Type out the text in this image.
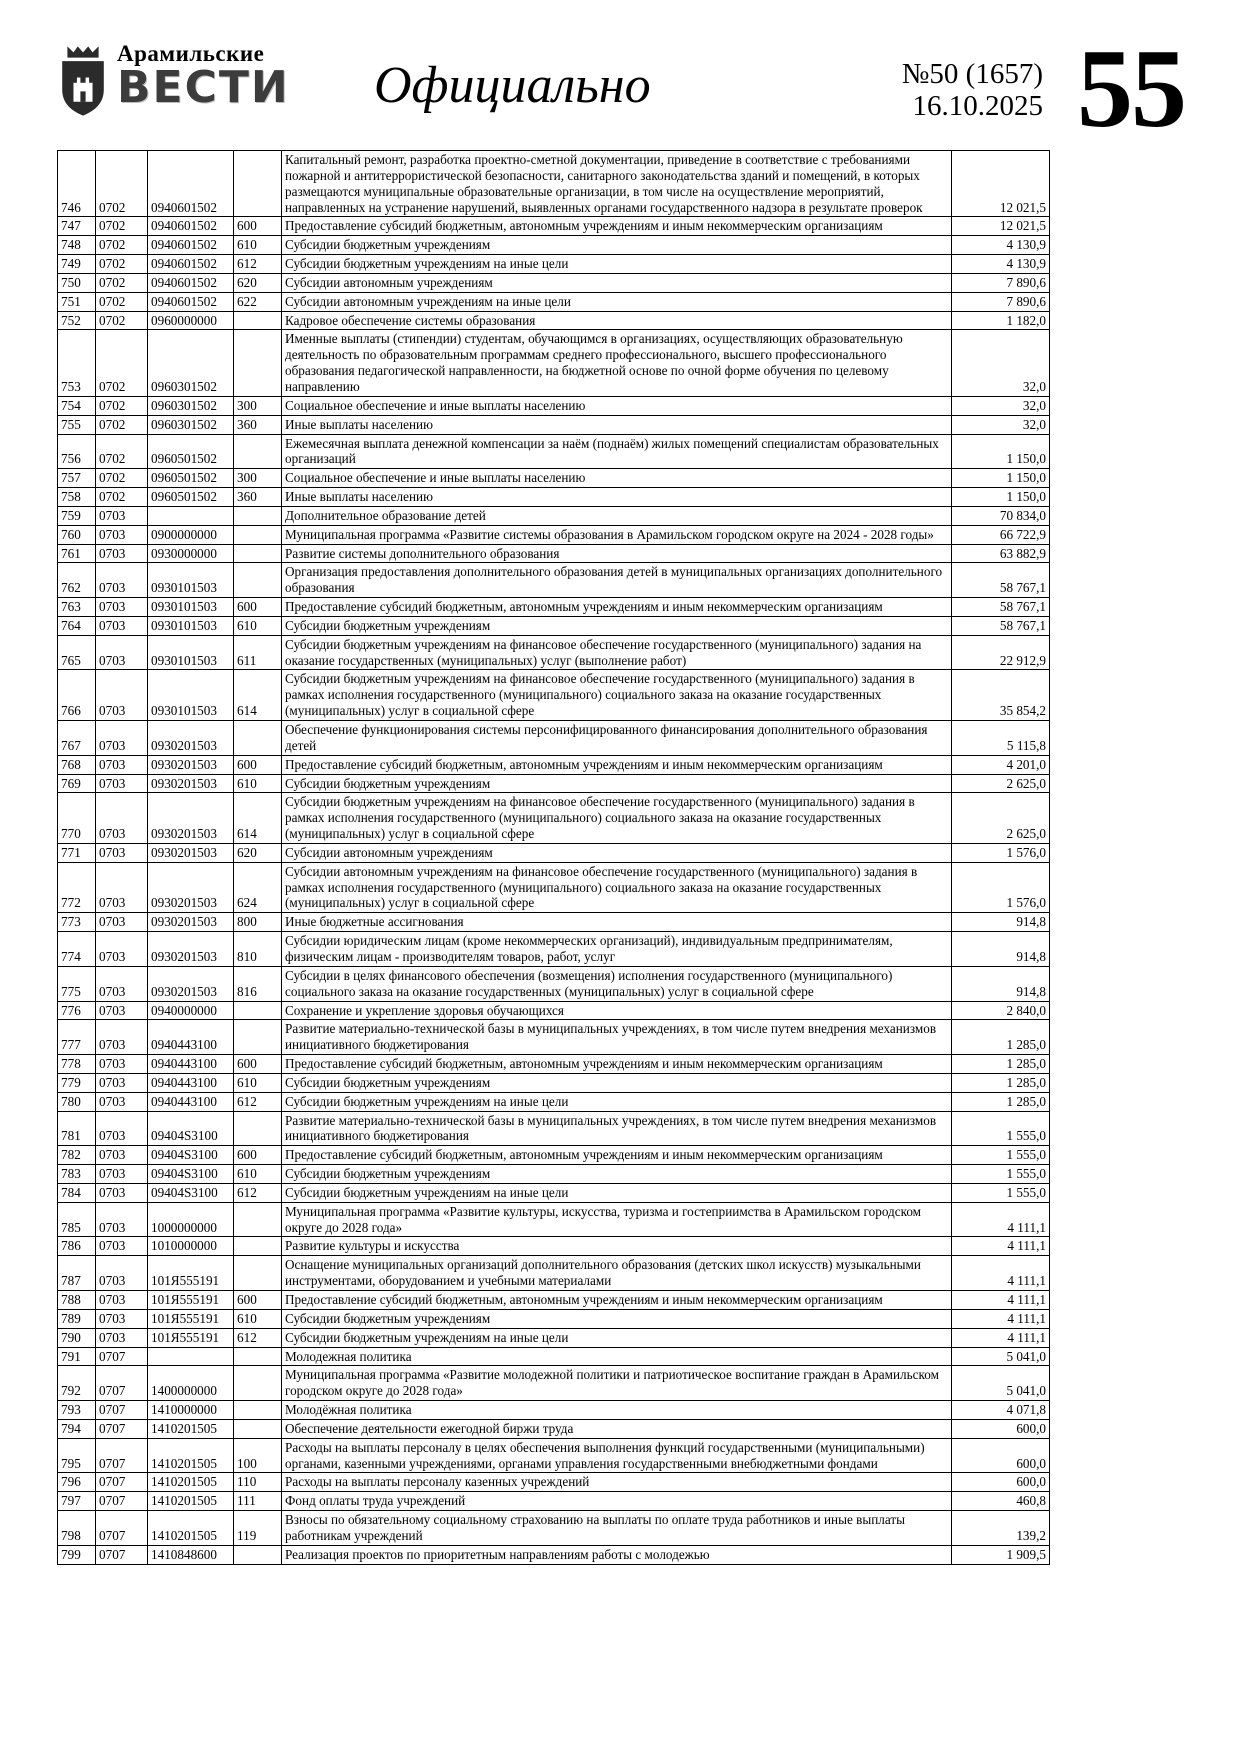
Арамильские
ВЕСТИ Официально	№50 (1657)
16.10.2025 55
746	0702	0940601502		Капитальный ремонт, разработка проектно-сметной документации, приведение в соответствие с требованиями пожарной и антитеррористической безопасности, санитарного законодательства зданий и помещений, в которых размещаются муниципальные образовательные организации, в том числе на осуществление мероприятий, направленных на устранение нарушений, выявленных органами государственного надзора в результате проверок	12 021,5
747	0702	0940601502	600	Предоставление субсидий бюджетным, автономным учреждениям и иным некоммерческим организациям	12 021,5
748	0702	0940601502	610	Субсидии бюджетным учреждениям	4 130,9
749	0702	0940601502	612	Субсидии бюджетным учреждениям на иные цели	4 130,9
750	0702	0940601502	620	Субсидии автономным учреждениям	7 890,6
751	0702	0940601502	622	Субсидии автономным учреждениям на иные цели	7 890,6
752	0702	0960000000		Кадровое обеспечение системы образования	1 182,0
753	0702	0960301502		Именные выплаты (стипендии) студентам, обучающимся в организациях, осуществляющих образовательную деятельность по образовательным программам среднего профессионального, высшего профессионального образования педагогической направленности, на бюджетной основе по очной форме обучения по целевому направлению	32,0
754	0702	0960301502	300	Социальное обеспечение и иные выплаты населению	32,0
755	0702	0960301502	360	Иные выплаты населению	32,0
756	0702	0960501502		Ежемесячная выплата денежной компенсации за наём (поднаём) жилых помещений специалистам образовательных организаций	1 150,0
757	0702	0960501502	300	Социальное обеспечение и иные выплаты населению	1 150,0
758	0702	0960501502	360	Иные выплаты населению	1 150,0
759	0703			Дополнительное образование детей	70 834,0
760	0703	0900000000		Муниципальная программа «Развитие системы образования в Арамильском городском округе на 2024 - 2028 годы»	66 722,9
761	0703	0930000000		Развитие системы дополнительного образования	63 882,9
762	0703	0930101503		Организация предоставления дополнительного образования детей в муниципальных организациях дополнительного образования	58 767,1
763	0703	0930101503	600	Предоставление субсидий бюджетным, автономным учреждениям и иным некоммерческим организациям	58 767,1
764	0703	0930101503	610	Субсидии бюджетным учреждениям	58 767,1
765	0703	0930101503	611	Субсидии бюджетным учреждениям на финансовое обеспечение государственного (муниципального) задания на оказание государственных (муниципальных) услуг (выполнение работ)	22 912,9
766	0703	0930101503	614	Субсидии бюджетным учреждениям на финансовое обеспечение государственного (муниципального) задания в рамках исполнения государственного (муниципального) социального заказа на оказание государственных (муниципальных) услуг в социальной сфере	35 854,2
767	0703	0930201503		Обеспечение функционирования системы персонифицированного финансирования дополнительного образования детей	5 115,8
768	0703	0930201503	600	Предоставление субсидий бюджетным, автономным учреждениям и иным некоммерческим организациям	4 201,0
769	0703	0930201503	610	Субсидии бюджетным учреждениям	2 625,0
770	0703	0930201503	614	Субсидии бюджетным учреждениям на финансовое обеспечение государственного (муниципального) задания в рамках исполнения государственного (муниципального) социального заказа на оказание государственных (муниципальных) услуг в социальной сфере	2 625,0
771	0703	0930201503	620	Субсидии автономным учреждениям	1 576,0
772	0703	0930201503	624	Субсидии автономным учреждениям на финансовое обеспечение государственного (муниципального) задания в рамках исполнения государственного (муниципального) социального заказа на оказание государственных (муниципальных) услуг в социальной сфере	1 576,0
773	0703	0930201503	800	Иные бюджетные ассигнования	914,8
774	0703	0930201503	810	Субсидии юридическим лицам (кроме некоммерческих организаций), индивидуальным предпринимателям, физическим лицам - производителям товаров, работ, услуг	914,8
775	0703	0930201503	816	Субсидии в целях финансового обеспечения (возмещения) исполнения государственного (муниципального) социального заказа на оказание государственных (муниципальных) услуг в социальной сфере	914,8
776	0703	0940000000		Сохранение и укрепление здоровья обучающихся	2 840,0
777	0703	0940443100		Развитие материально-технической базы в муниципальных учреждениях, в том числе путем внедрения механизмов инициативного бюджетирования	1 285,0
778	0703	0940443100	600	Предоставление субсидий бюджетным, автономным учреждениям и иным некоммерческим организациям	1 285,0
779	0703	0940443100	610	Субсидии бюджетным учреждениям	1 285,0
780	0703	0940443100	612	Субсидии бюджетным учреждениям на иные цели	1 285,0
781	0703	09404S3100		Развитие материально-технической базы в муниципальных учреждениях, в том числе путем внедрения механизмов инициативного бюджетирования	1 555,0
782	0703	09404S3100	600	Предоставление субсидий бюджетным, автономным учреждениям и иным некоммерческим организациям	1 555,0
783	0703	09404S3100	610	Субсидии бюджетным учреждениям	1 555,0
784	0703	09404S3100	612	Субсидии бюджетным учреждениям на иные цели	1 555,0
785	0703	1000000000		Муниципальная программа «Развитие культуры, искусства, туризма и гостеприимства в Арамильском городском округе до 2028 года»	4 111,1
786	0703	1010000000		Развитие культуры и искусства	4 111,1
787	0703	101Я555191		Оснащение муниципальных организаций дополнительного образования (детских школ искусств) музыкальными инструментами, оборудованием и учебными материалами	4 111,1
788	0703	101Я555191	600	Предоставление субсидий бюджетным, автономным учреждениям и иным некоммерческим организациям	4 111,1
789	0703	101Я555191	610	Субсидии бюджетным учреждениям	4 111,1
790	0703	101Я555191	612	Субсидии бюджетным учреждениям на иные цели	4 111,1
791	0707			Молодежная политика	5 041,0
792	0707	1400000000		Муниципальная программа «Развитие молодежной политики и патриотическое воспитание граждан в Арамильском городском округе до 2028 года»	5 041,0
793	0707	1410000000		Молодёжная политика	4 071,8
794	0707	1410201505		Обеспечение деятельности ежегодной биржи труда	600,0
795	0707	1410201505	100	Расходы на выплаты персоналу в целях обеспечения выполнения функций государственными (муниципальными) органами, казенными учреждениями, органами управления государственными внебюджетными фондами	600,0
796	0707	1410201505	110	Расходы на выплаты персоналу казенных учреждений	600,0
797	0707	1410201505	111	Фонд оплаты труда учреждений	460,8
798	0707	1410201505	119	Взносы по обязательному социальному страхованию на выплаты по оплате труда работников и иные выплаты работникам учреждений	139,2
799	0707	1410848600		Реализация проектов по приоритетным направлениям работы с молодежью	1 909,5
